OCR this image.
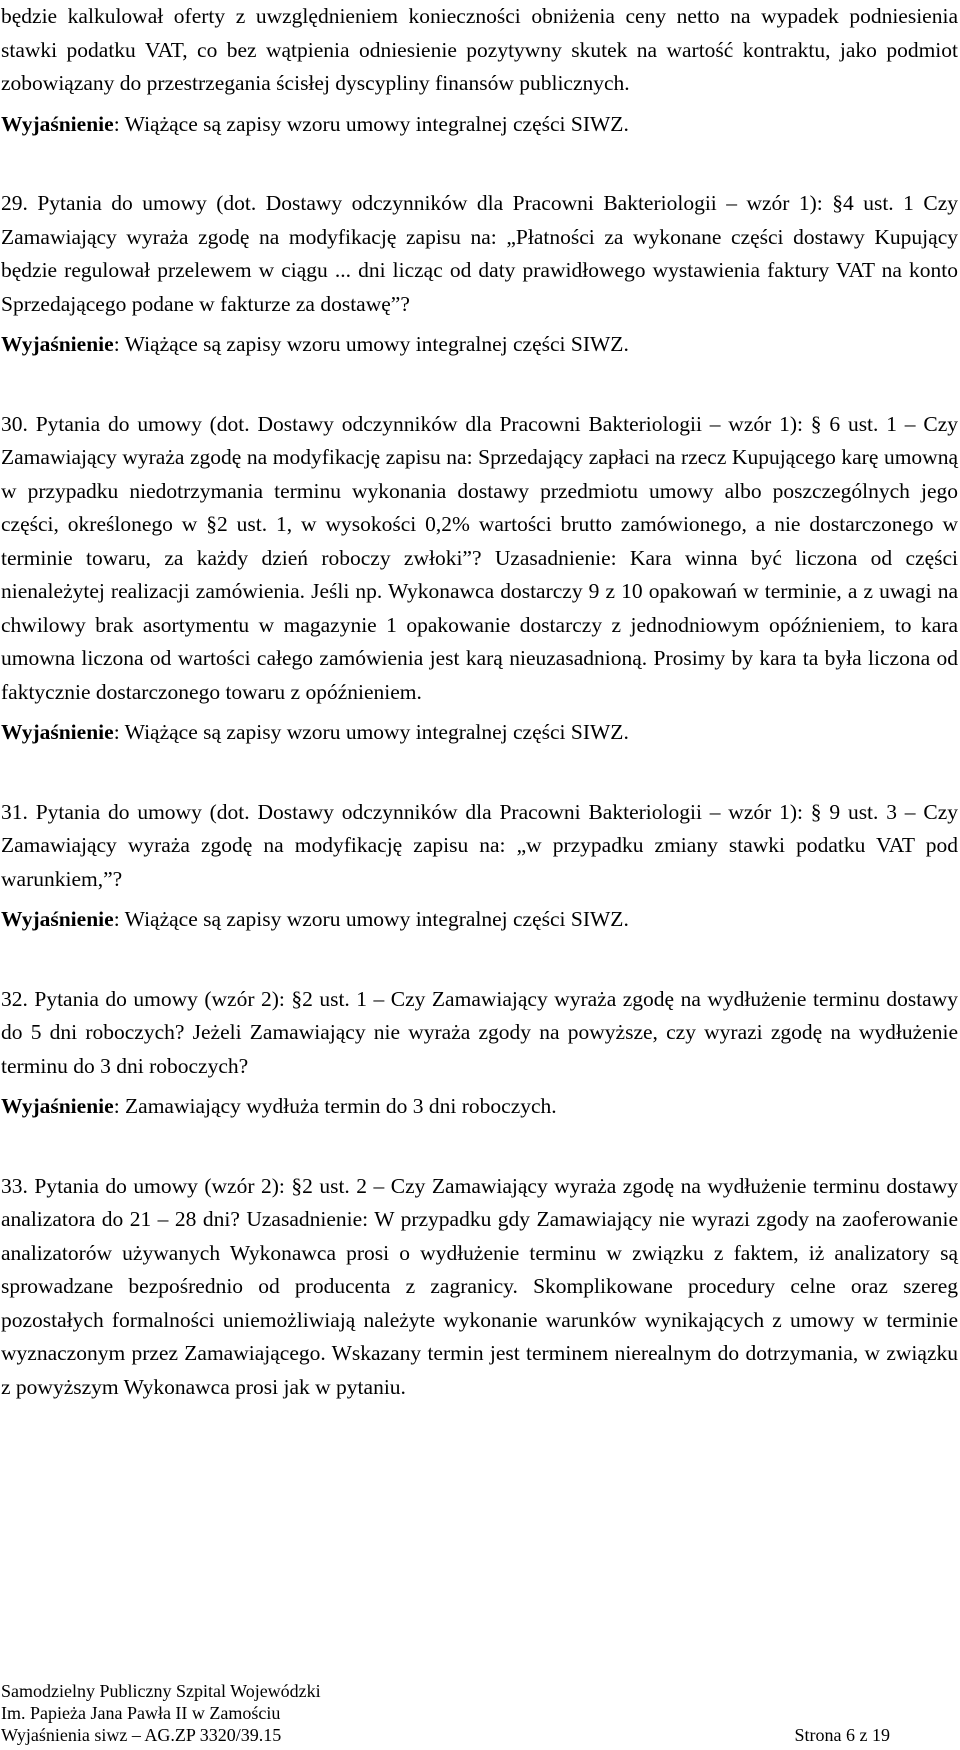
będzie kalkulował oferty z uwzględnieniem konieczności obniżenia ceny netto na wypadek podniesienia stawki podatku VAT, co bez wątpienia odniesienie pozytywny skutek na wartość kontraktu, jako podmiot zobowiązany do przestrzegania ścisłej dyscypliny finansów publicznych.

Wyjaśnienie: Wiążące są zapisy wzoru umowy integralnej części SIWZ.

29. Pytania do umowy (dot. Dostawy odczynników dla Pracowni Bakteriologii – wzór 1): §4 ust. 1 Czy Zamawiający wyraża zgodę na modyfikację zapisu na: „Płatności za wykonane części dostawy Kupujący będzie regulował przelewem w ciągu ... dni licząc od daty prawidłowego wystawienia faktury VAT na konto Sprzedającego podane w fakturze za dostawę”?

Wyjaśnienie: Wiążące są zapisy wzoru umowy integralnej części SIWZ.

30. Pytania do umowy (dot. Dostawy odczynników dla Pracowni Bakteriologii – wzór 1): § 6 ust. 1 – Czy Zamawiający wyraża zgodę na modyfikację zapisu na: Sprzedający zapłaci na rzecz Kupującego karę umowną w przypadku niedotrzymania terminu wykonania dostawy przedmiotu umowy albo poszczególnych jego części, określonego w §2 ust. 1, w wysokości 0,2% wartości brutto zamówionego, a nie dostarczonego w terminie towaru, za każdy dzień roboczy zwłoki”? Uzasadnienie: Kara winna być liczona od części nienależytej realizacji zamówienia. Jeśli np. Wykonawca dostarczy 9 z 10 opakowań w terminie, a z uwagi na chwilowy brak asortymentu w magazynie 1 opakowanie dostarczy z jednodniowym opóźnieniem, to kara umowna liczona od wartości całego zamówienia jest karą nieuzasadnioną. Prosimy by kara ta była liczona od faktycznie dostarczonego towaru z opóźnieniem.

Wyjaśnienie: Wiążące są zapisy wzoru umowy integralnej części SIWZ.

31. Pytania do umowy (dot. Dostawy odczynników dla Pracowni Bakteriologii – wzór 1): § 9 ust. 3 – Czy Zamawiający wyraża zgodę na modyfikację zapisu na: „w przypadku zmiany stawki podatku VAT pod warunkiem,”?

Wyjaśnienie: Wiążące są zapisy wzoru umowy integralnej części SIWZ.

32. Pytania do umowy (wzór 2): §2 ust. 1 – Czy Zamawiający wyraża zgodę na wydłużenie terminu dostawy do 5 dni roboczych? Jeżeli Zamawiający nie wyraża zgody na powyższe, czy wyrazi zgodę na wydłużenie terminu do 3 dni roboczych?

Wyjaśnienie: Zamawiający wydłuża termin do 3 dni roboczych.

33. Pytania do umowy (wzór 2): §2 ust. 2 – Czy Zamawiający wyraża zgodę na wydłużenie terminu dostawy analizatora do 21 – 28 dni? Uzasadnienie: W przypadku gdy Zamawiający nie wyrazi zgody na zaoferowanie analizatorów używanych Wykonawca prosi o wydłużenie terminu w związku z faktem, iż analizatory są sprowadzane bezpośrednio od producenta z zagranicy. Skomplikowane procedury celne oraz szereg pozostałych formalności uniemożliwiają należyte wykonanie warunków wynikających z umowy w terminie wyznaczonym przez Zamawiającego. Wskazany termin jest terminem nierealnym do dotrzymania, w związku z powyższym Wykonawca prosi jak w pytaniu.

Samodzielny Publiczny Szpital Wojewódzki
Im. Papieża Jana Pawła II w Zamościu
Wyjaśnienia siwz – AG.ZP 3320/39.15	Strona 6 z 19
